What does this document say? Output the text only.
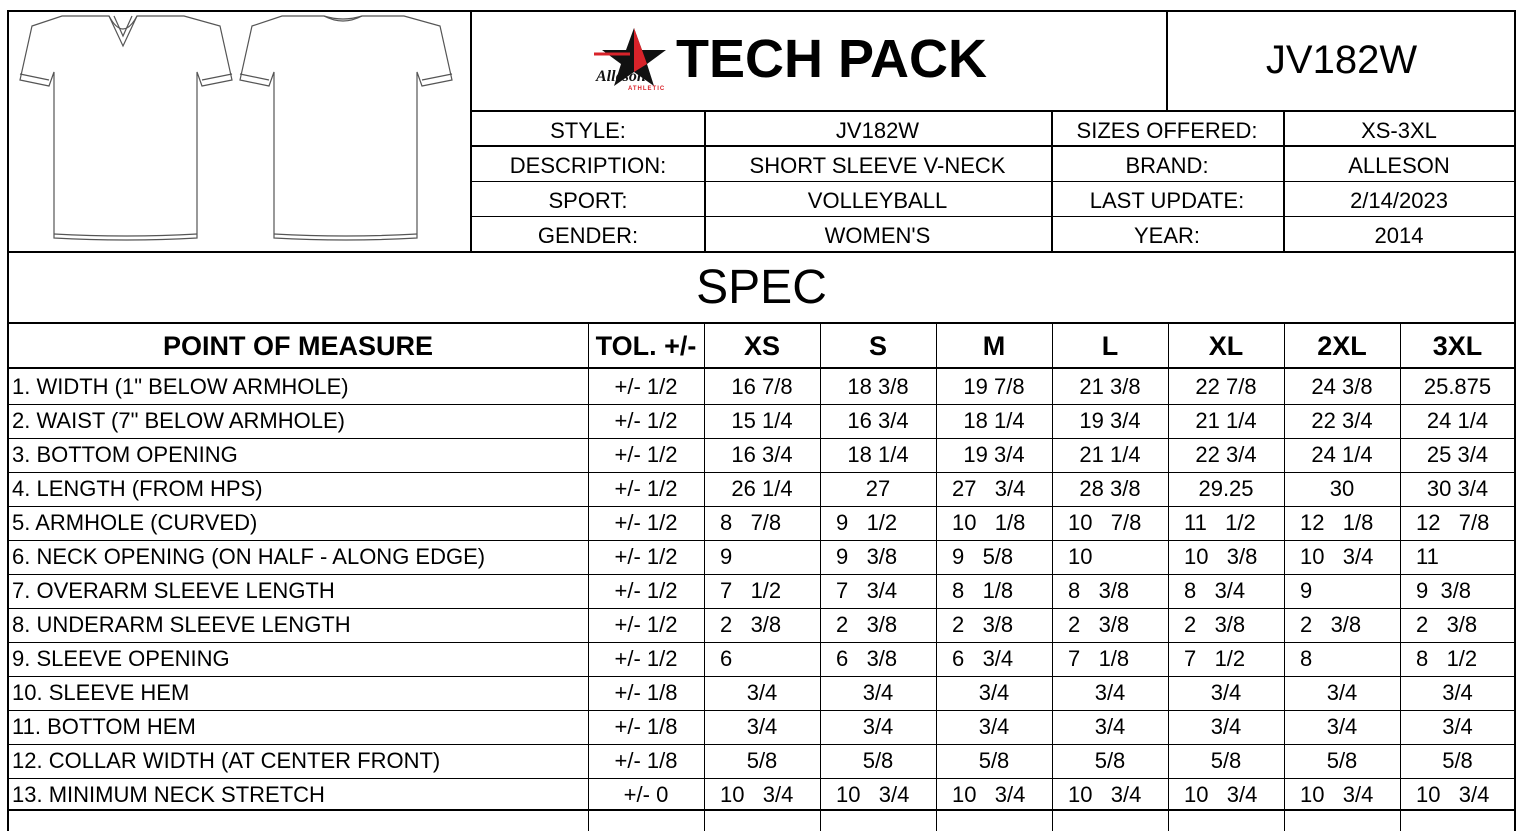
Alleson
ATHLETIC TECH PACK	JV182W
STYLE:	JV182W	SIZES OFFERED:	XS-3XL
DESCRIPTION:	SHORT SLEEVE V-NECK	BRAND:	ALLESON
SPORT:	VOLLEYBALL	LAST UPDATE:	2/14/2023
GENDER:	WOMEN'S	YEAR:	2014
SPEC
POINT OF MEASURE	TOL. +/-	XS	S	M	L	XL	2XL	3XL
1. WIDTH (1" BELOW ARMHOLE)	+/- 1/2	16 7/8	18 3/8	19 7/8	21 3/8	22 7/8	24 3/8	25.875
2. WAIST (7" BELOW ARMHOLE)	+/- 1/2	15 1/4	16 3/4	18 1/4	19 3/4	21 1/4	22 3/4	24 1/4
3. BOTTOM OPENING	+/- 1/2	16 3/4	18 1/4	19 3/4	21 1/4	22 3/4	24 1/4	25 3/4
4. LENGTH (FROM HPS)	+/- 1/2	26 1/4	27	27   3/4	28 3/8	29.25	30	30 3/4
5. ARMHOLE (CURVED)	+/- 1/2	8   7/8	9   1/2	10   1/8	10   7/8	11   1/2	12   1/8	12   7/8
6. NECK OPENING (ON HALF - ALONG EDGE)	+/- 1/2	9	9   3/8	9   5/8	10	10   3/8	10   3/4	11
7. OVERARM SLEEVE LENGTH	+/- 1/2	7   1/2	7   3/4	8   1/8	8   3/8	8   3/4	9	9  3/8
8. UNDERARM SLEEVE LENGTH	+/- 1/2	2   3/8	2   3/8	2   3/8	2   3/8	2   3/8	2   3/8	2   3/8
9. SLEEVE OPENING	+/- 1/2	6	6   3/8	6   3/4	7   1/8	7   1/2	8	8   1/2
10. SLEEVE HEM	+/- 1/8	3/4	3/4	3/4	3/4	3/4	3/4	3/4
11. BOTTOM HEM	+/- 1/8	3/4	3/4	3/4	3/4	3/4	3/4	3/4
12. COLLAR WIDTH (AT CENTER FRONT)	+/- 1/8	5/8	5/8	5/8	5/8	5/8	5/8	5/8
13. MINIMUM NECK STRETCH	+/- 0	10   3/4	10   3/4	10   3/4	10   3/4	10   3/4	10   3/4	10   3/4
